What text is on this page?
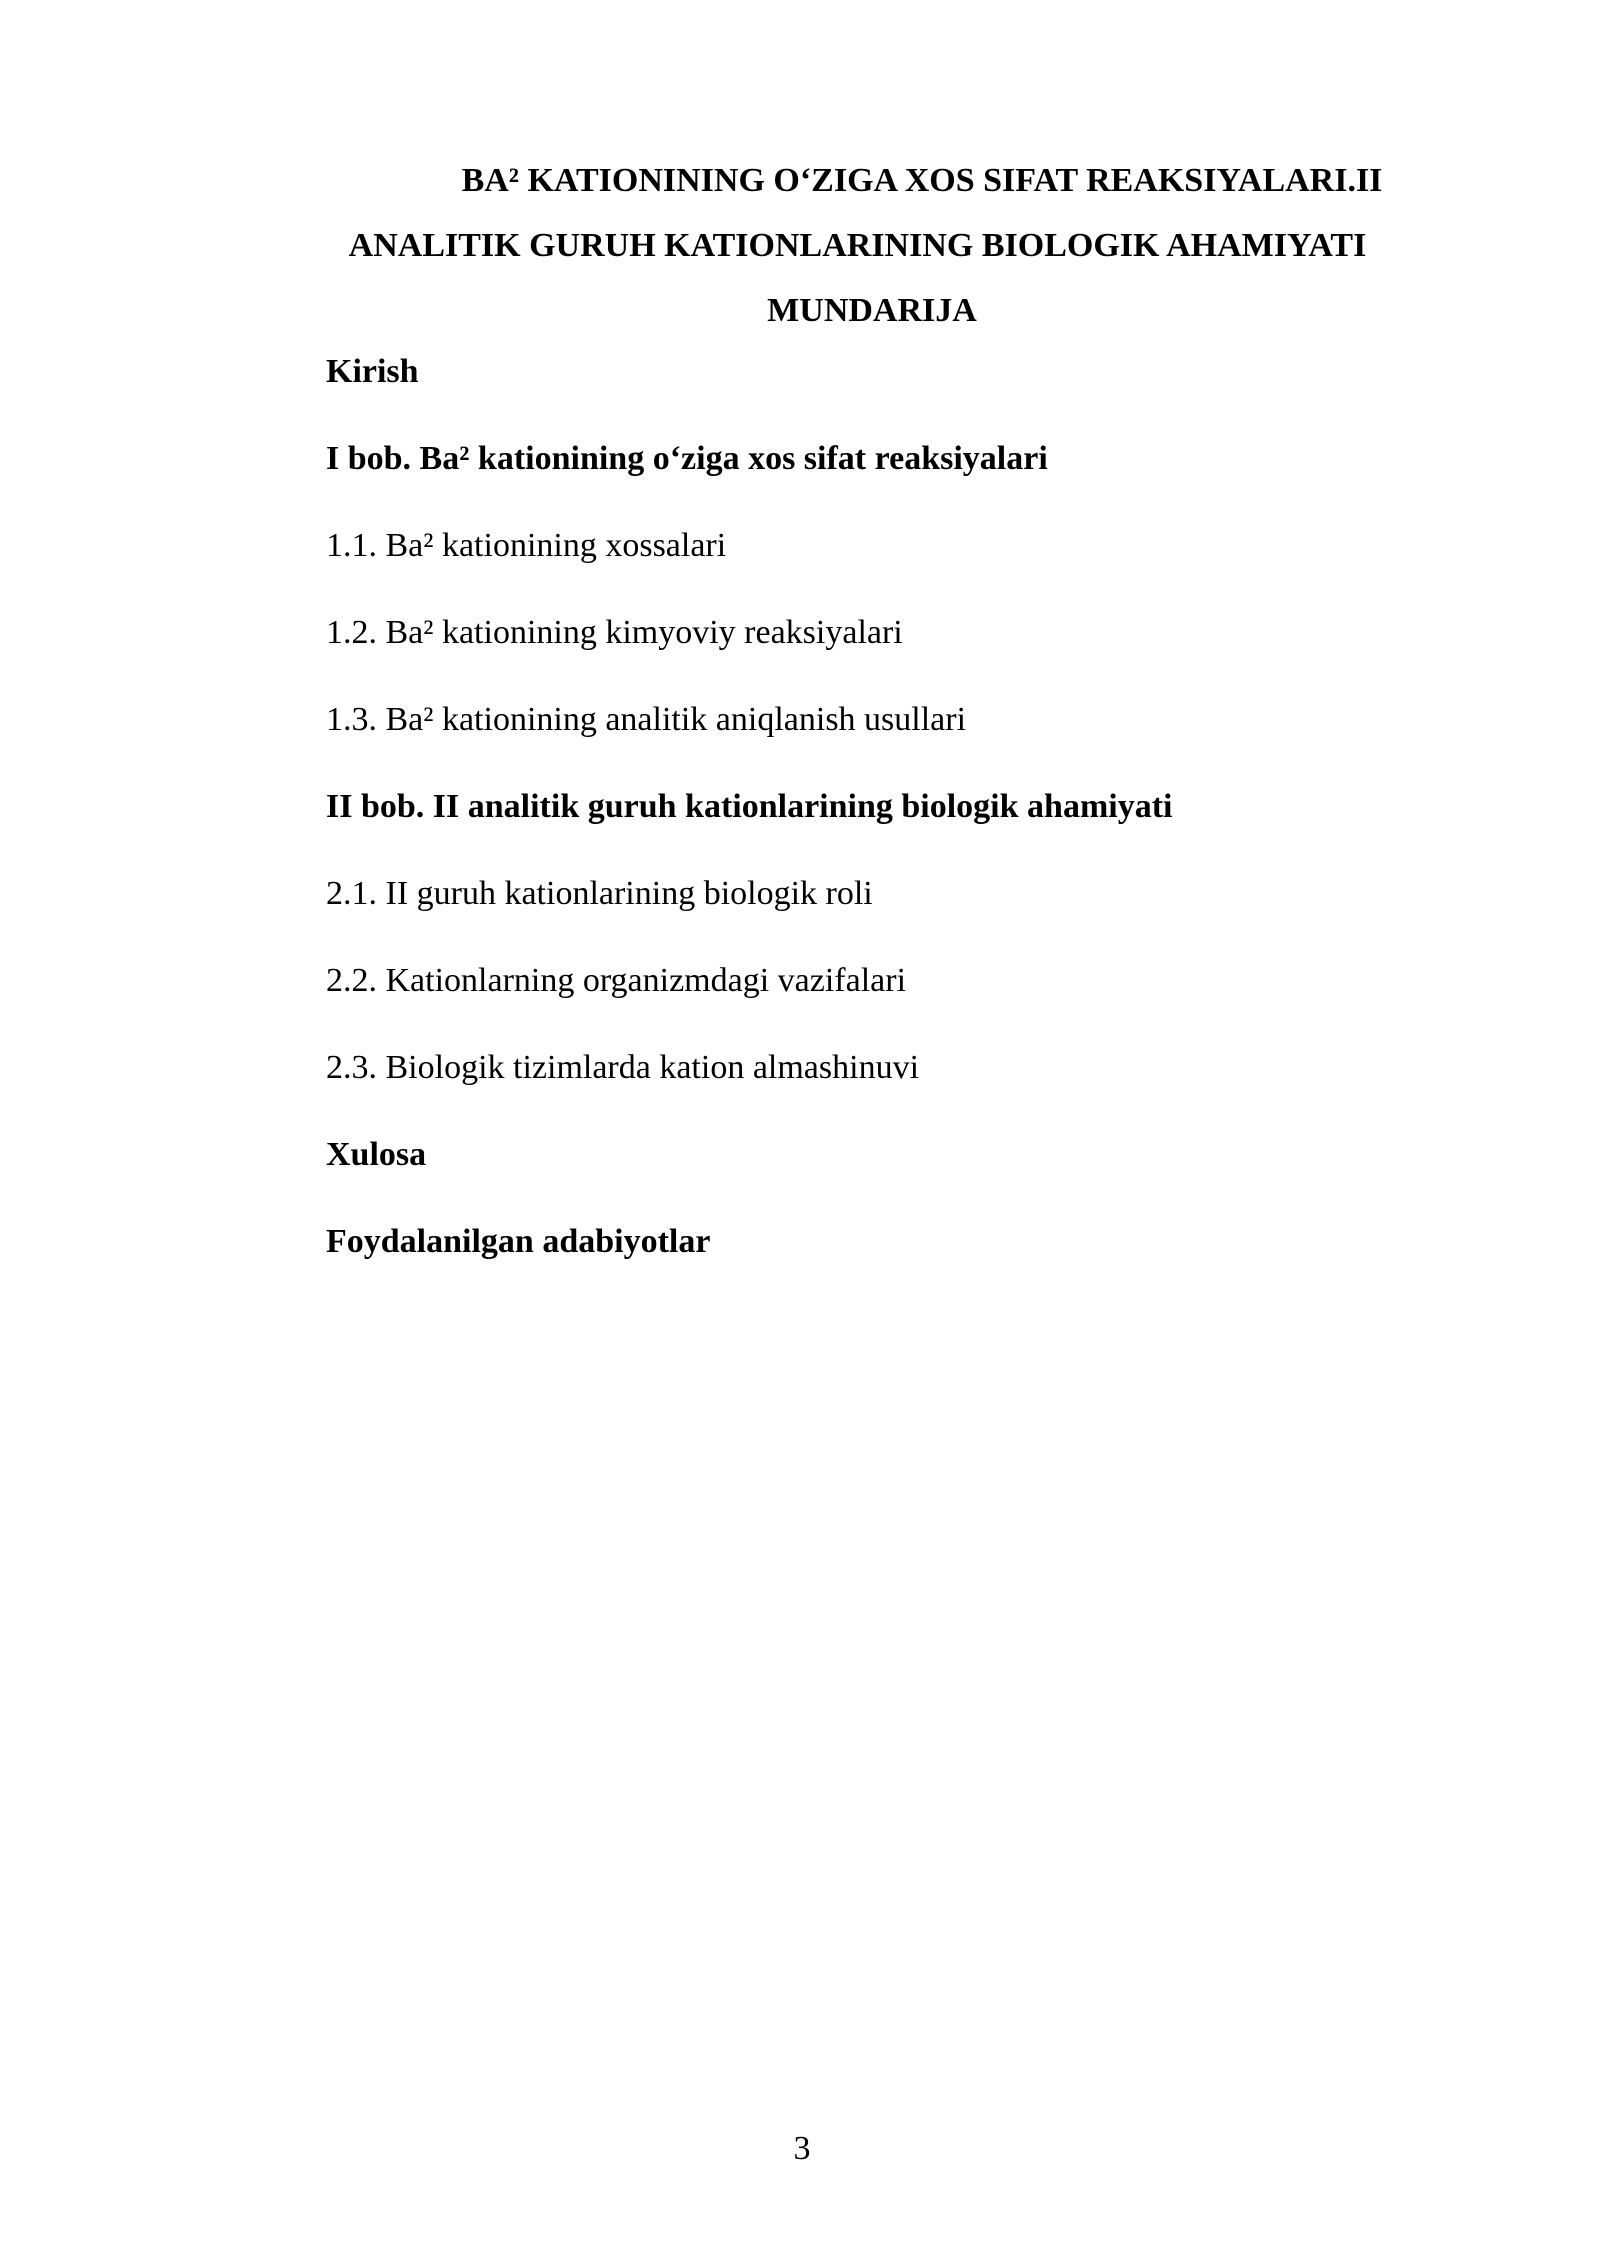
BA² KATIONINING O‘ZIGA XOS SIFAT REAKSIYALARI.II
ANALITIK GURUH KATIONLARINING BIOLOGIK AHAMIYATI
MUNDARIJA
Kirish
I bob. Ba² kationining o‘ziga xos sifat reaksiyalari
1.1. Ba² kationining xossalari
1.2. Ba² kationining kimyoviy reaksiyalari
1.3. Ba² kationining analitik aniqlanish usullari
II bob. II analitik guruh kationlarining biologik ahamiyati
2.1. II guruh kationlarining biologik roli
2.2. Kationlarning organizmdagi vazifalari
2.3. Biologik tizimlarda kation almashinuvi
Xulosa
Foydalanilgan adabiyotlar
3
